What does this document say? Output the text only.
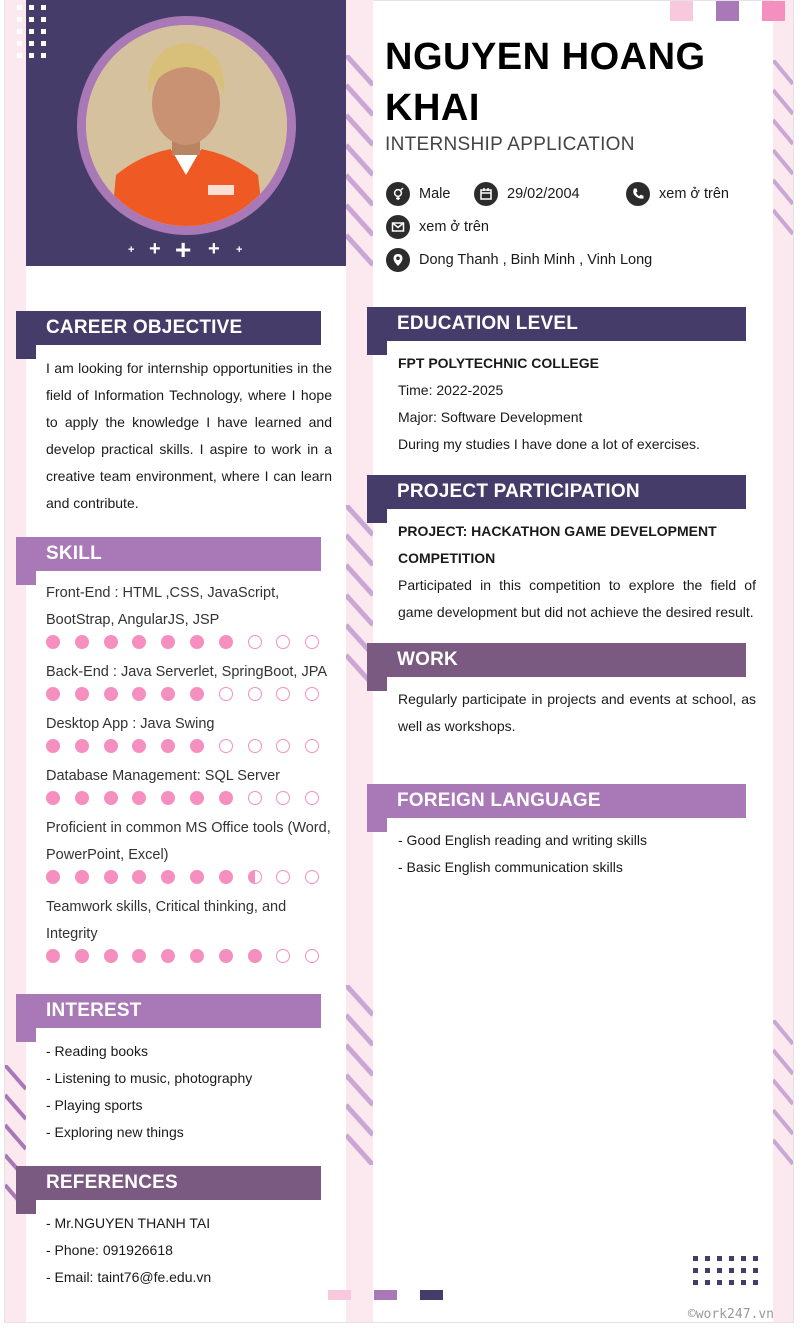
+ + + + +
NGUYEN HOANG KHAI
INTERNSHIP APPLICATION
Male	29/02/2004	xem ở trên
xem ở trên
Dong Thanh , Binh Minh , Vinh Long
CAREER OBJECTIVE
I am looking for internship opportunities in the field of Information Technology, where I hope to apply the knowledge I have learned and develop practical skills. I aspire to work in a creative team environment, where I can learn and contribute.
SKILL
Front-End : HTML ,CSS, JavaScript, BootStrap, AngularJS, JSP
Back-End : Java Serverlet, SpringBoot, JPA
Desktop App : Java Swing
Database Management: SQL Server
Proficient in common MS Office tools (Word, PowerPoint, Excel)
Teamwork skills, Critical thinking, and Integrity
INTEREST
- Reading books
- Listening to music, photography
- Playing sports
- Exploring new things
REFERENCES
- Mr.NGUYEN THANH TAI
- Phone: 091926618
- Email: taint76@fe.edu.vn
EDUCATION LEVEL
FPT POLYTECHNIC COLLEGE
Time: 2022-2025
Major: Software Development
During my studies I have done a lot of exercises.
PROJECT PARTICIPATION
PROJECT: HACKATHON GAME DEVELOPMENT COMPETITION
Participated in this competition to explore the field of game development but did not achieve the desired result.
WORK
Regularly participate in projects and events at school, as well as workshops.
FOREIGN LANGUAGE
- Good English reading and writing skills
- Basic English communication skills
©work247.vn
